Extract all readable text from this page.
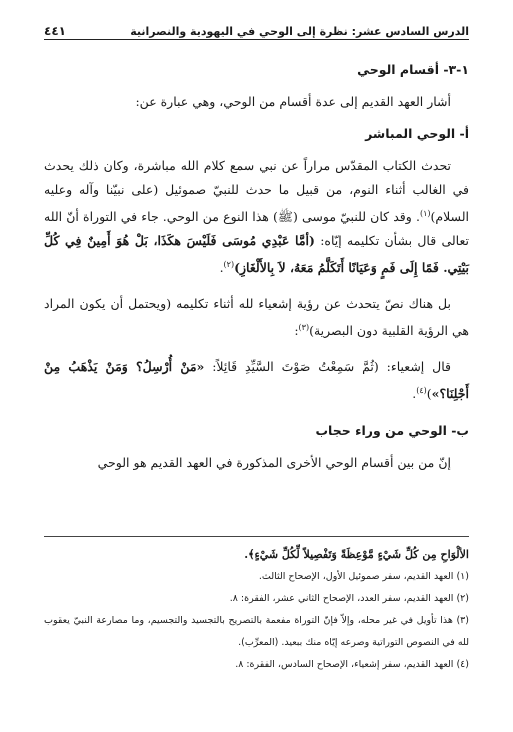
الدرس السادس عشر: نظرة إلى الوحي في اليهودية والنصرانية
٤٤١

١-٣- أقسام الوحي

أشار العهد القديم إلى عدة أقسام من الوحي، وهي عبارة عن:

أ- الوحي المباشر

تحدث الكتاب المقدّس مراراً عن نبي سمع كلام الله مباشرة، وكان ذلك يحدث في الغالب أثناء النوم، من قبيل ما حدث للنبيّ صموئيل (على نبيّنا وآله وعليه السلام)$^{(١)}$. وقد كان للنبيّ موسى (ﷺ) هذا النوع من الوحي. جاء في التوراة أنّ الله تعالى قال بشأن تكليمه إيّاه: (أمَّا عَبْدِي مُوسَى فَلَيْسَ هكَذَا، بَلْ هُوَ أَمِينٌ فِي كُلِّ بَيْتِي. فَمًا إِلَى فَمٍ وَعَيَانًا أَتَكَلَّمُ مَعَهُ، لاَ بِالأَلْغَازِ)$^{(٢)}$.

بل هناك نصّ يتحدث عن رؤية إشعياء لله أثناء تكليمه (ويحتمل أن يكون المراد هي الرؤية القلبية دون البصرية)$^{(٣)}$:

قال إشعياء: (ثُمَّ سَمِعْتُ صَوْتَ السَّيِّدِ قَائِلاً: «مَنْ أُرْسِلُ؟ وَمَنْ يَذْهَبُ مِنْ أَجْلِنَا؟»)$^{(٤)}$.

ب- الوحي من وراء حجاب

إنّ من بين أقسام الوحي الأخرى المذكورة في العهد القديم هو الوحي

الألْوَاحِ مِن كُلِّ شَيْءٍ مَّوْعِظَةً وَتَفْصِيلاً لِّكُلِّ شَيْءٍ﴾.

(١) العهد القديم، سفر صموئيل الأول، الإصحاح الثالث.

(٢) العهد القديم، سفر العدد، الإصحاح الثاني عشر، الفقرة: ٨.

(٣) هذا تأويل في غير محله، وإلاّ فإنّ التوراة مفعمة بالتصريح بالتجسيد والتجسيم، وما مصارعة النبيّ يعقوب لله في النصوص التوراتية وصرعه إيّاه منك ببعيد. (المعرِّب).

(٤) العهد القديم، سفر إشعياء، الإصحاح السادس، الفقرة: ٨.
